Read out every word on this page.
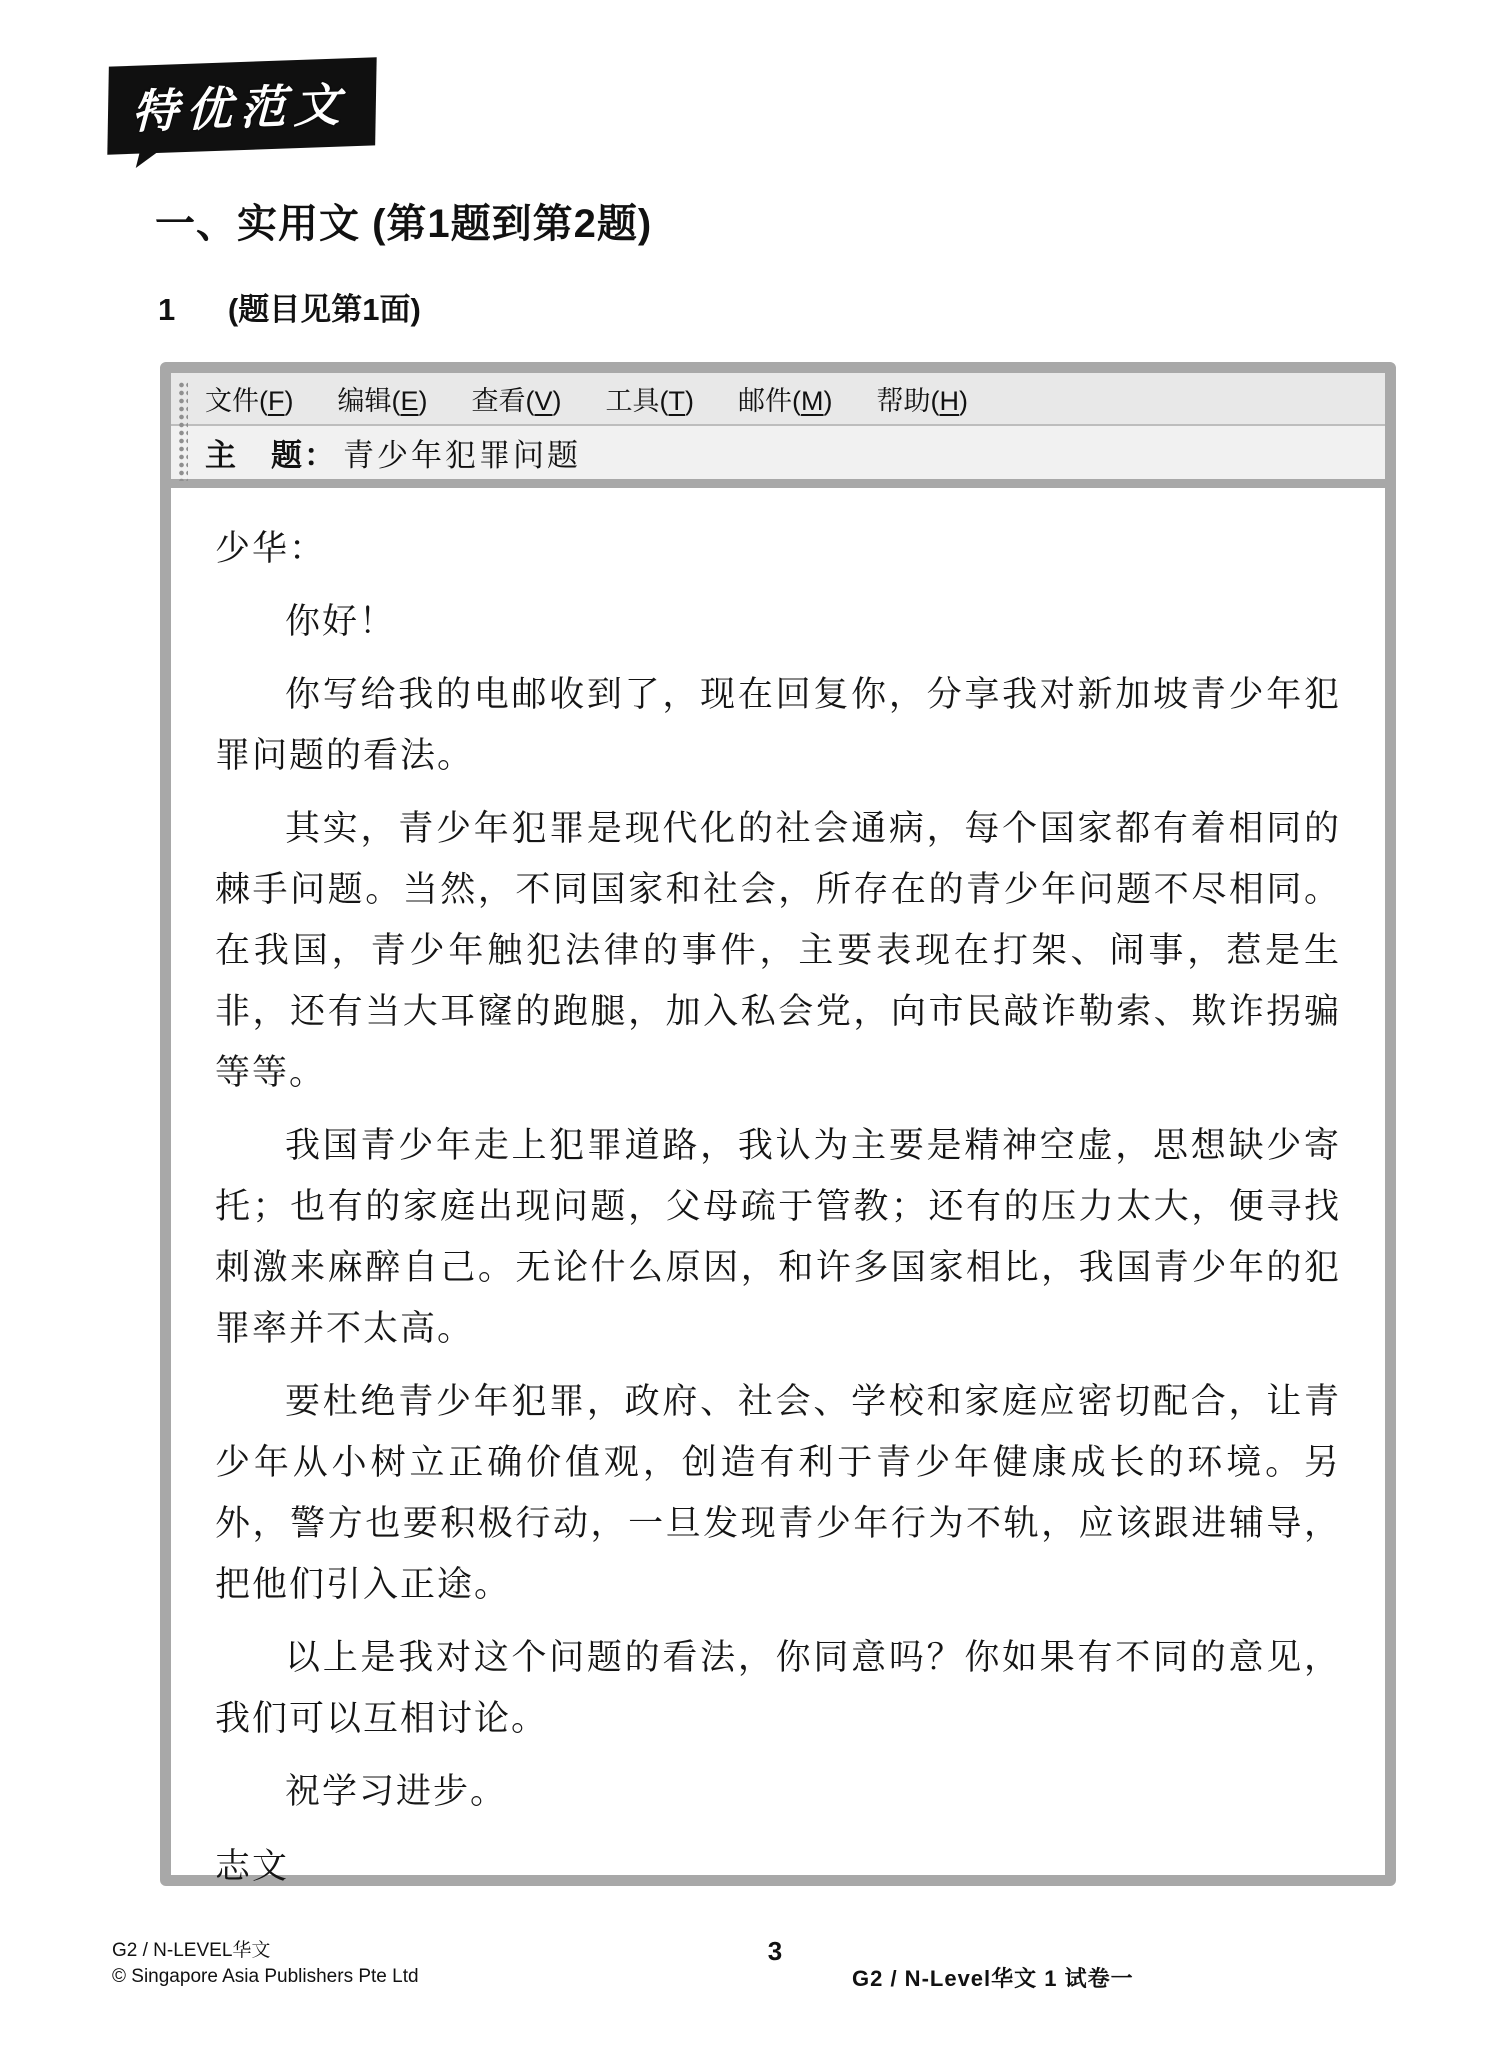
特优范文
一、实用文 (第1题到第2题)
1 (题目见第1面)
文件(F) 编辑(E) 查看(V) 工具(T) 邮件(M) 帮助(H)
主　题： 青少年犯罪问题

少华：

你好！

你写给我的电邮收到了，现在回复你，分享我对新加坡青少年犯罪问题的看法。

其实，青少年犯罪是现代化的社会通病，每个国家都有着相同的棘手问题。当然，不同国家和社会，所存在的青少年问题不尽相同。在我国，青少年触犯法律的事件，主要表现在打架、闹事，惹是生非，还有当大耳窿的跑腿，加入私会党，向市民敲诈勒索、欺诈拐骗等等。

我国青少年走上犯罪道路，我认为主要是精神空虚，思想缺少寄托；也有的家庭出现问题，父母疏于管教；还有的压力太大，便寻找刺激来麻醉自己。无论什么原因，和许多国家相比，我国青少年的犯罪率并不太高。

要杜绝青少年犯罪，政府、社会、学校和家庭应密切配合，让青少年从小树立正确价值观，创造有利于青少年健康成长的环境。另外，警方也要积极行动，一旦发现青少年行为不轨，应该跟进辅导，把他们引入正途。

以上是我对这个问题的看法，你同意吗？你如果有不同的意见，我们可以互相讨论。

祝学习进步。

志文

G2 / N-LEVEL华文
© Singapore Asia Publishers Pte Ltd
3
G2 / N-Level华文 1 试卷一
